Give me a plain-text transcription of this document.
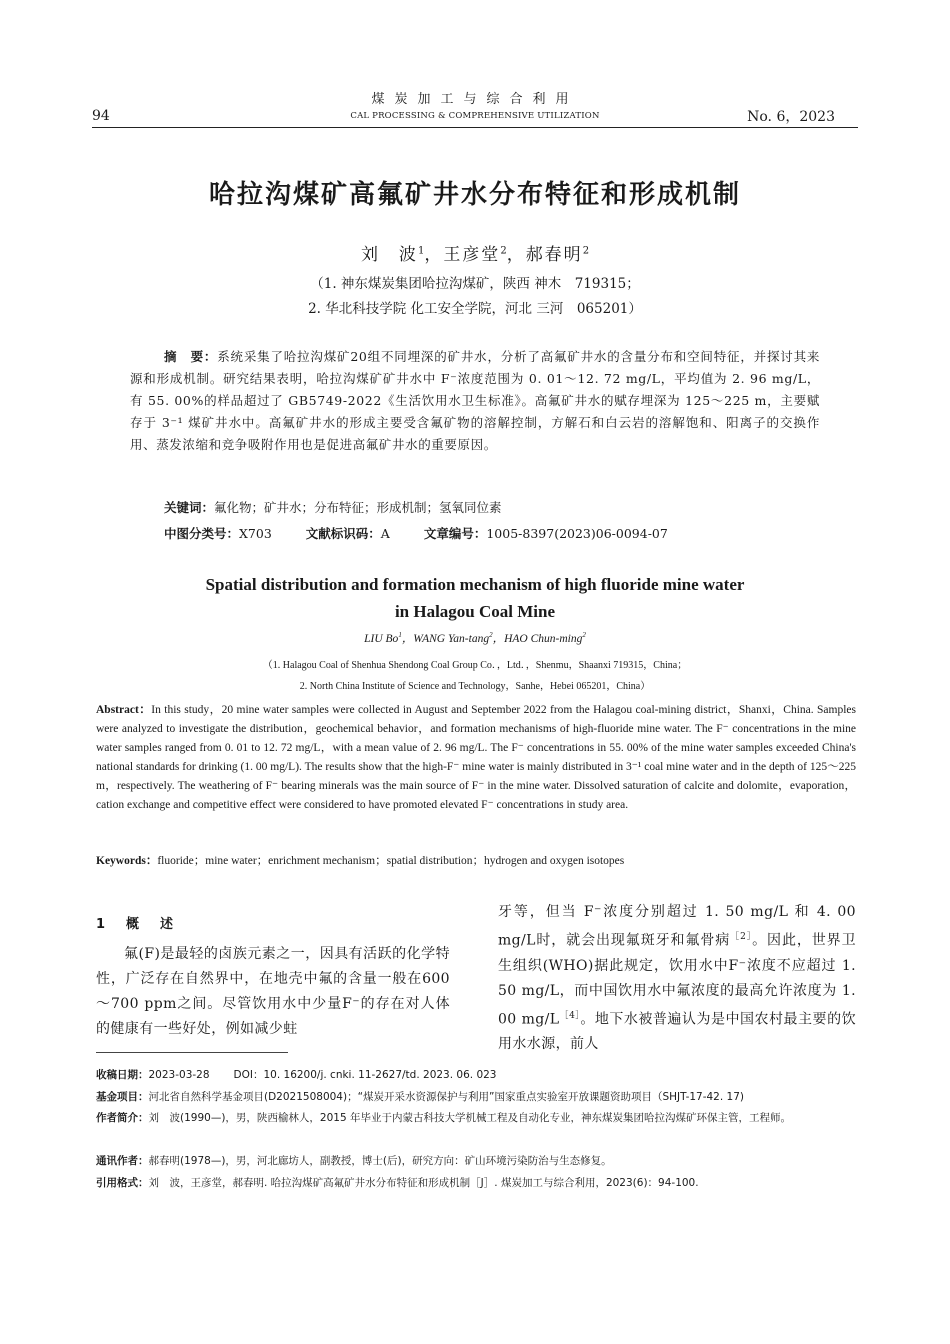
94
煤炭加工与综合利用
CAL PROCESSING & COMPREHENSIVE UTILIZATION	No. 6，2023
哈拉沟煤矿高氟矿井水分布特征和形成机制
刘　波$^1$，王彦堂$^2$，郝春明$^2$
（1. 神东煤炭集团哈拉沟煤矿，陕西 神木　719315；
2. 华北科技学院 化工安全学院，河北 三河　065201）
摘　要：系统采集了哈拉沟煤矿20组不同埋深的矿井水，分析了高氟矿井水的含量分布和空间特征，并探讨其来源和形成机制。研究结果表明，哈拉沟煤矿矿井水中 F⁻浓度范围为 0. 01～12. 72 mg/L，平均值为 2. 96 mg/L，有 55. 00%的样品超过了 GB5749-2022《生活饮用水卫生标准》。高氟矿井水的赋存埋深为 125～225 m，主要赋存于 3⁻¹ 煤矿井水中。高氟矿井水的形成主要受含氟矿物的溶解控制，方解石和白云岩的溶解饱和、阳离子的交换作用、蒸发浓缩和竞争吸附作用也是促进高氟矿井水的重要原因。
关键词：氟化物；矿井水；分布特征；形成机制；氢氧同位素
中图分类号：X703	文献标识码：A	文章编号：1005-8397(2023)06-0094-07
Spatial distribution and formation mechanism of high fluoride mine water
in Halagou Coal Mine
LIU Bo$^1$，WANG Yan-tang$^2$，HAO Chun-ming$^2$
（1. Halagou Coal of Shenhua Shendong Coal Group Co．，Ltd．，Shenmu，Shaanxi 719315，China；
2. North China Institute of Science and Technology，Sanhe，Hebei 065201，China）
Abstract：In this study，20 mine water samples were collected in August and September 2022 from the Halagou coal-mining district，Shanxi，China. Samples were analyzed to investigate the distribution，geochemical behavior，and formation mechanisms of high-fluoride mine water. The F⁻ concentrations in the mine water samples ranged from 0. 01 to 12. 72 mg/L，with a mean value of 2. 96 mg/L. The F⁻ concentrations in 55. 00% of the mine water samples exceeded China's national standards for drinking (1. 00 mg/L). The results show that the high-F⁻ mine water is mainly distributed in 3⁻¹ coal mine water and in the depth of 125～225 m，respectively. The weathering of F⁻ bearing minerals was the main source of F⁻ in the mine water. Dissolved saturation of calcite and dolomite，evaporation，cation exchange and competitive effect were considered to have promoted elevated F⁻ concentrations in study area.
Keywords：fluoride；mine water；enrichment mechanism；spatial distribution；hydrogen and oxygen isotopes
1　概　述
氟(F)是最轻的卤族元素之一，因具有活跃的化学特性，广泛存在自然界中，在地壳中氟的含量一般在600～700 ppm之间。尽管饮用水中少量F⁻的存在对人体的健康有一些好处，例如减少蛀
牙等，但当 F⁻浓度分别超过 1. 50 mg/L 和 4. 00 mg/L时，就会出现氟斑牙和氟骨病$^{[2]}$。因此，世界卫生组织(WHO)据此规定，饮用水中F⁻浓度不应超过 1. 50 mg/L，而中国饮用水中氟浓度的最高允许浓度为 1. 00 $mg/L^{[4]}$。地下水被普遍认为是中国农村最主要的饮用水水源，前人
收稿日期：2023-03-28 DOI：10. 16200/j. cnki. 11-2627/td. 2023. 06. 023
基金项目：河北省自然科学基金项目(D2021508004)；“煤炭开采水资源保护与利用”国家重点实验室开放课题资助项目（SHJT-17-42. 17)
作者简介：刘　波(1990—)，男，陕西榆林人，2015 年毕业于内蒙古科技大学机械工程及自动化专业，神东煤炭集团哈拉沟煤矿环保主管，工程师。
通讯作者：郝春明(1978—)，男，河北廊坊人，副教授，博士(后)，研究方向：矿山环境污染防治与生态修复。
引用格式：刘　波，王彦堂，郝春明. 哈拉沟煤矿高氟矿井水分布特征和形成机制［J］. 煤炭加工与综合利用，2023(6)：94-100.
